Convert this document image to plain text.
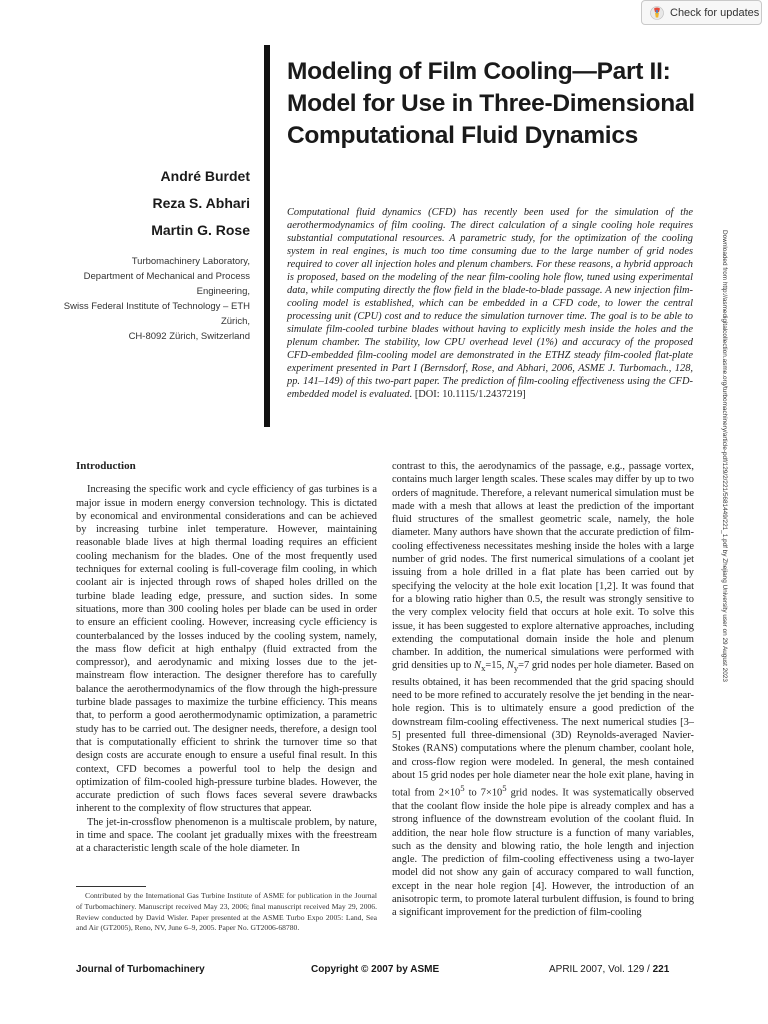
Check for updates
André Burdet
Reza S. Abhari
Martin G. Rose
Turbomachinery Laboratory,
Department of Mechanical and Process Engineering,
Swiss Federal Institute of Technology – ETH Zürich,
CH-8092 Zürich, Switzerland
Modeling of Film Cooling—Part II: Model for Use in Three-Dimensional Computational Fluid Dynamics
Computational fluid dynamics (CFD) has recently been used for the simulation of the aerothermodynamics of film cooling. The direct calculation of a single cooling hole requires substantial computational resources. A parametric study, for the optimization of the cooling system in real engines, is much too time consuming due to the large number of grid nodes required to cover all injection holes and plenum chambers. For these reasons, a hybrid approach is proposed, based on the modeling of the near film-cooling hole flow, tuned using experimental data, while computing directly the flow field in the blade-to-blade passage. A new injection film-cooling model is established, which can be embedded in a CFD code, to lower the central processing unit (CPU) cost and to reduce the simulation turnover time. The goal is to be able to simulate film-cooled turbine blades without having to explicitly mesh inside the holes and the plenum chamber. The stability, low CPU overhead level (1%) and accuracy of the proposed CFD-embedded film-cooling model are demonstrated in the ETHZ steady film-cooled flat-plate experiment presented in Part I (Bernsdorf, Rose, and Abhari, 2006, ASME J. Turbomach., 128, pp. 141–149) of this two-part paper. The prediction of film-cooling effectiveness using the CFD-embedded model is evaluated. [DOI: 10.1115/1.2437219]	Downloaded from http://asmedigitalcollection.asme.org/turbomachinery/article-pdf/129/2/221/5681449/221_1.pdf by Zhejiang University user on 29 August 2023
Introduction

Increasing the specific work and cycle efficiency of gas turbines is a major issue in modern energy conversion technology. This is dictated by economical and environmental considerations and can be achieved by increasing turbine inlet temperature. However, maintaining reasonable blade lives at high thermal loading requires an efficient cooling mechanism for the blades. One of the most frequently used techniques for external cooling is full-coverage film cooling, in which coolant air is injected through rows of shaped holes drilled on the turbine blade leading edge, pressure, and suction sides. In some situations, more than 300 cooling holes per blade can be used in order to ensure an efficient cooling. However, increasing cycle efficiency is counterbalanced by the losses induced by the cooling system, namely, the mass flow deficit at high enthalpy (fluid extracted from the compressor), and aerodynamic and mixing losses due to the jet-mainstream flow interaction. The designer therefore has to carefully balance the aerothermodynamics of the flow through the high-pressure turbine blade passages to maximize the turbine efficiency. This means that, to perform a good aerothermodynamic optimization, a parametric study has to be carried out. The designer needs, therefore, a design tool that is computationally efficient to shrink the turnover time so that design costs are accurate enough to ensure a useful final result. In this context, CFD becomes a powerful tool to help the design and optimization of film-cooled high-pressure turbine blades. However, the accurate prediction of such flows faces several severe drawbacks inherent to the complexity of flow structures that appear.

The jet-in-crossflow phenomenon is a multiscale problem, by nature, in time and space. The coolant jet gradually mixes with the freestream at a characteristic length scale of the hole diameter. In

contrast to this, the aerodynamics of the passage, e.g., passage vortex, contains much larger length scales. These scales may differ by up to two orders of magnitude. Therefore, a relevant numerical simulation must be made with a mesh that allows at least the prediction of the important fluid structures of the smallest geometric scale, namely, the hole diameter. Many authors have shown that the accurate prediction of film-cooling effectiveness necessitates meshing inside the holes with a large number of grid nodes. The first numerical simulations of a coolant jet issuing from a hole drilled in a flat plate has been carried out by specifying the velocity at the hole exit location [1,2]. It was found that for a blowing ratio higher than 0.5, the result was strongly sensitive to the very complex velocity field that occurs at hole exit. To solve this issue, it has been suggested to explore alternative approaches, including extending the computational domain inside the hole and plenum chamber. In addition, the numerical simulations were performed with grid densities up to $N_x=15$, $N_y=7$ grid nodes per hole diameter. Based on results obtained, it has been recommended that the grid spacing should need to be more refined to accurately resolve the jet bending in the near-hole region. This is to ultimately ensure a good prediction of the downstream film-cooling effectiveness. The next numerical studies [3–5] presented full three-dimensional (3D) Reynolds-averaged Navier-Stokes (RANS) computations where the plenum chamber, coolant hole, and cross-flow region were modeled. In general, the mesh contained about 15 grid nodes per hole diameter near the hole exit plane, having in total from $2\times 10^5$ to $7\times 10^5$ grid nodes. It was systematically observed that the coolant flow inside the hole pipe is already complex and has a strong influence of the downstream evolution of the coolant fluid. In addition, the near hole flow structure is a function of many variables, such as the density and blowing ratio, the hole length and injection angle. The prediction of film-cooling effectiveness using a two-layer model did not show any gain of accuracy compared to wall function, except in the near hole region [4]. However, the introduction of an anisotropic term, to promote lateral turbulent diffusion, is found to bring a significant improvement for the prediction of film-cooling

Contributed by the International Gas Turbine Institute of ASME for publication in the Journal of Turbomachinery. Manuscript received May 23, 2006; final manuscript received May 29, 2006. Review conducted by David Wisler. Paper presented at the ASME Turbo Expo 2005: Land, Sea and Air (GT2005), Reno, NV, June 6–9, 2005. Paper No. GT2006-68780.
Journal of Turbomachinery	Copyright © 2007 by ASME	APRIL 2007, Vol. 129 / 221
